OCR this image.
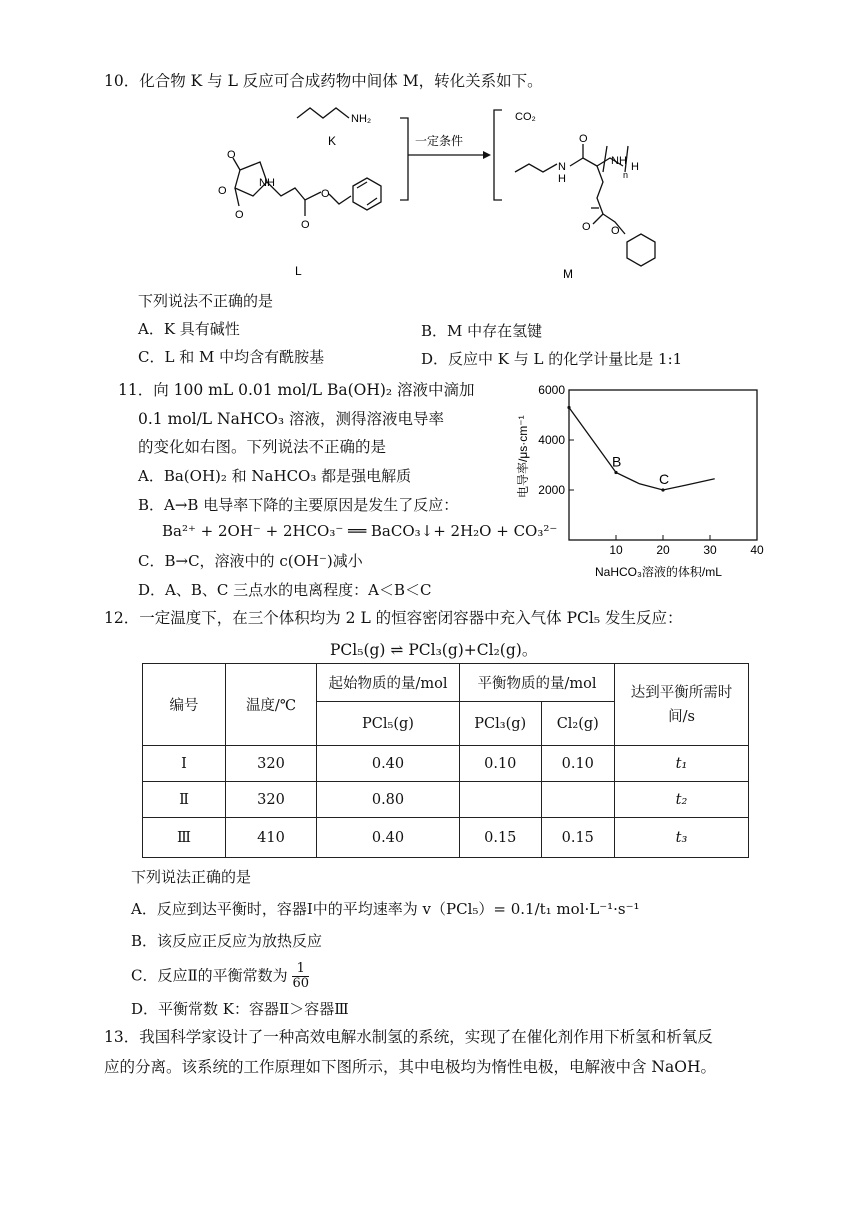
10．化合物 K 与 L 反应可合成药物中间体 M，转化关系如下。
NH₂
K
O
NH
O
O
O
O
L
一定条件
CO₂
N
H
O
NH H
n
O O
M
下列说法不正确的是
A．K 具有碱性	B．M 中存在氢键
C．L 和 M 中均含有酰胺基	D．反应中 K 与 L 的化学计量比是 1:1
11．向 100 mL 0.01 mol/L Ba(OH)₂ 溶液中滴加
0.1 mol/L NaHCO₃ 溶液，测得溶液电导率
的变化如右图。下列说法不正确的是
A．Ba(OH)₂ 和 NaHCO₃ 都是强电解质
B．A→B 电导率下降的主要原因是发生了反应：
Ba²⁺ + 2OH⁻ + 2HCO₃⁻ ══ BaCO₃↓+ 2H₂O + CO₃²⁻
C．B→C，溶液中的 c(OH⁻)减小
D．A、B、C 三点水的电离程度：A＜B＜C
2000
4000
6000
10	20	30	40
B
C
电导率/μs·cm⁻¹
NaHCO₃溶液的体积/mL
12．一定温度下，在三个体积均为 2 L 的恒容密闭容器中充入气体 PCl₅ 发生反应：
PCl₅(g) ⇌ PCl₃(g)+Cl₂(g)。
编号	温度/℃	起始物质的量/mol	平衡物质的量/mol		达到平衡所需时间/s
		PCl₅(g)	PCl₃(g)	Cl₂(g)	
Ⅰ	320	0.40	0.10	0.10	t₁
Ⅱ	320	0.80			t₂
Ⅲ	410	0.40	0.15	0.15	t₃
下列说法正确的是
A．反应到达平衡时，容器Ⅰ中的平均速率为 v（PCl₅）= 0.1/t₁ mol·L⁻¹·s⁻¹
B．该反应正反应为放热反应
C．反应Ⅱ的平衡常数为 $\frac{1}{60}$
D．平衡常数 K：容器Ⅱ＞容器Ⅲ
13．我国科学家设计了一种高效电解水制氢的系统，实现了在催化剂作用下析氢和析氧反
应的分离。该系统的工作原理如下图所示，其中电极均为惰性电极，电解液中含 NaOH。
